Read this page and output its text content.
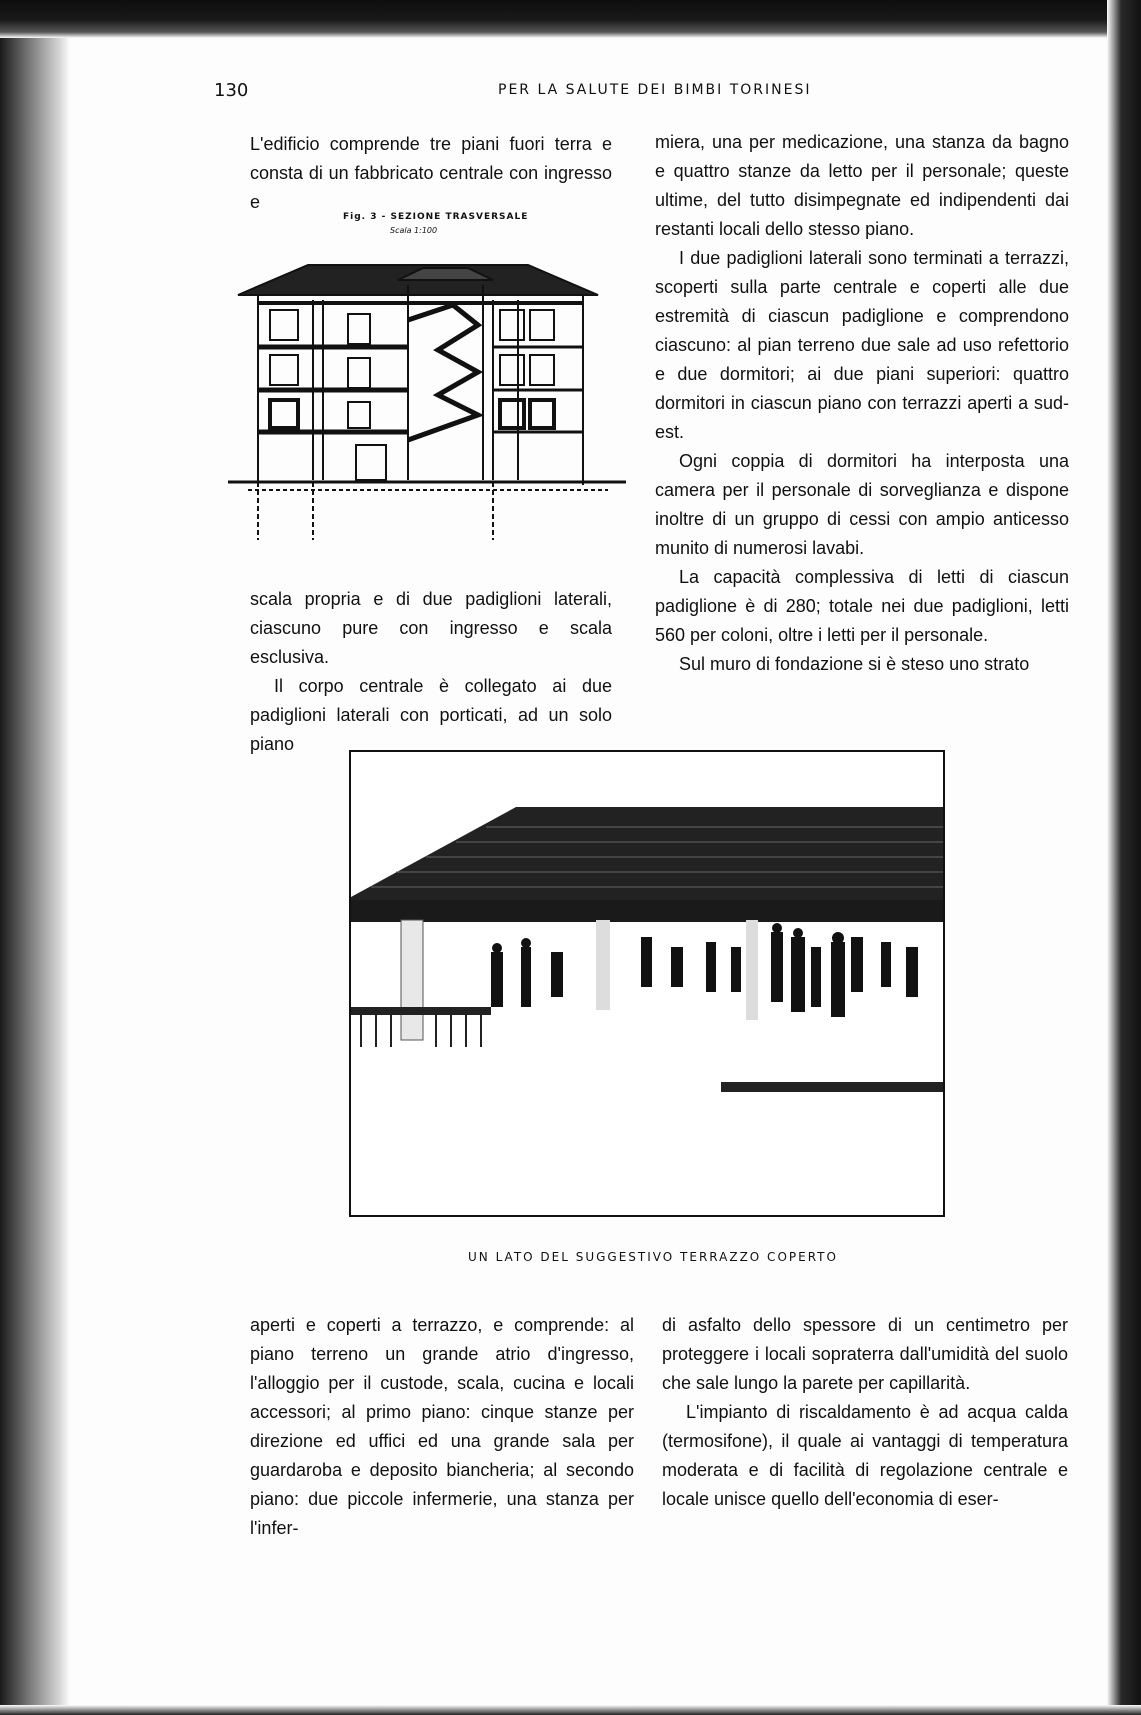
130	PER LA SALUTE DEI BIMBI TORINESI

L'edificio comprende tre piani fuori terra e consta di un fabbricato centrale con ingresso e

Fig. 3 - SEZIONE TRASVERSALE
Scala 1:100

scala propria e di due padiglioni laterali, ciascuno pure con ingresso e scala esclusiva.

Il corpo centrale è collegato ai due padiglioni laterali con porticati, ad un solo piano

miera, una per medicazione, una stanza da bagno e quattro stanze da letto per il personale; queste ultime, del tutto disimpegnate ed indipendenti dai restanti locali dello stesso piano.

I due padiglioni laterali sono terminati a terrazzi, scoperti sulla parte centrale e coperti alle due estremità di ciascun padiglione e comprendono ciascuno: al pian terreno due sale ad uso refettorio e due dormitori; ai due piani superiori: quattro dormitori in ciascun piano con terrazzi aperti a sud-est.

Ogni coppia di dormitori ha interposta una camera per il personale di sorveglianza e dispone inoltre di un gruppo di cessi con ampio anticesso munito di numerosi lavabi.

La capacità complessiva di letti di ciascun padiglione è di 280; totale nei due padiglioni, letti 560 per coloni, oltre i letti per il personale.

Sul muro di fondazione si è steso uno strato

UN LATO DEL SUGGESTIVO TERRAZZO COPERTO

aperti e coperti a terrazzo, e comprende: al piano terreno un grande atrio d'ingresso, l'alloggio per il custode, scala, cucina e locali accessori; al primo piano: cinque stanze per direzione ed uffici ed una grande sala per guardaroba e deposito biancheria; al secondo piano: due piccole infermerie, una stanza per l'infer-

di asfalto dello spessore di un centimetro per proteggere i locali sopraterra dall'umidità del suolo che sale lungo la parete per capillarità.

L'impianto di riscaldamento è ad acqua calda (termosifone), il quale ai vantaggi di temperatura moderata e di facilità di regolazione centrale e locale unisce quello dell'economia di eser-
